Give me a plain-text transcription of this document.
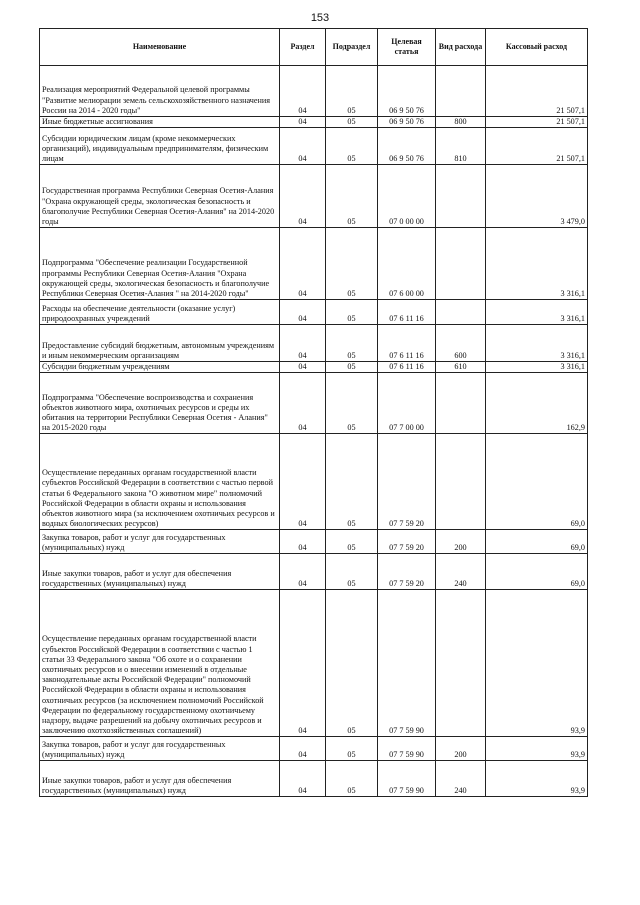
153
Наименование	Раздел	Подраздел	Целевая статья	Вид расхода	Кассовый расход
Реализация мероприятий Федеральной целевой программы "Развитие мелиорации земель сельскохозяйственного назначения России на 2014 - 2020 годы"	04	05	06 9 50 76		21 507,1
Иные бюджетные ассигнования	04	05	06 9 50 76	800	21 507,1
Субсидии юридическим лицам (кроме некоммерческих организаций), индивидуальным предпринимателям, физическим лицам	04	05	06 9 50 76	810	21 507,1
Государственная программа Республики Северная Осетия-Алания "Охрана окружающей среды, экологическая безопасность и благополучие Республики Северная Осетия-Алания" на 2014-2020 годы	04	05	07 0 00 00		3 479,0
Подпрограмма "Обеспечение реализации Государственной программы Республики Северная Осетия-Алания "Охрана окружающей среды, экологическая безопасность и благополучие Республики Северная Осетия-Алания " на 2014-2020 годы"	04	05	07 6 00 00		3 316,1
Расходы на обеспечение деятельности (оказание услуг) природоохранных учреждений	04	05	07 6 11 16		3 316,1
Предоставление субсидий бюджетным, автономным учреждениям и иным некоммерческим организациям	04	05	07 6 11 16	600	3 316,1
Субсидии бюджетным учреждениям	04	05	07 6 11 16	610	3 316,1
Подпрограмма "Обеспечение воспроизводства и сохранения объектов животного мира, охотничьих ресурсов и среды их обитания на территории Республики Северная Осетия - Алания" на 2015-2020 годы	04	05	07 7 00 00		162,9
Осуществление переданных органам государственной власти субъектов Российской Федерации в соответствии с частью первой статьи 6 Федерального закона "О животном мире" полномочий Российской Федерации в области охраны и использования объектов животного мира (за исключением охотничьих ресурсов и водных биологических ресурсов)	04	05	07 7 59 20		69,0
Закупка товаров, работ и услуг для государственных (муниципальных) нужд	04	05	07 7 59 20	200	69,0
Иные закупки товаров, работ и услуг для обеспечения государственных (муниципальных) нужд	04	05	07 7 59 20	240	69,0
Осуществление переданных органам государственной власти субъектов Российской Федерации в соответствии с частью 1 статьи 33 Федерального закона "Об охоте и о сохранении охотничьих ресурсов и о внесении изменений в отдельные законодательные акты Российской Федерации" полномочий Российской Федерации в области охраны и использования охотничьих ресурсов (за исключением полномочий Российской Федерации по федеральному государственному охотничьему надзору, выдаче разрешений на добычу охотничьих ресурсов и заключению охотхозяйственных соглашений)	04	05	07 7 59 90		93,9
Закупка товаров, работ и услуг для государственных (муниципальных) нужд	04	05	07 7 59 90	200	93,9
Иные закупки товаров, работ и услуг для обеспечения государственных (муниципальных) нужд	04	05	07 7 59 90	240	93,9
